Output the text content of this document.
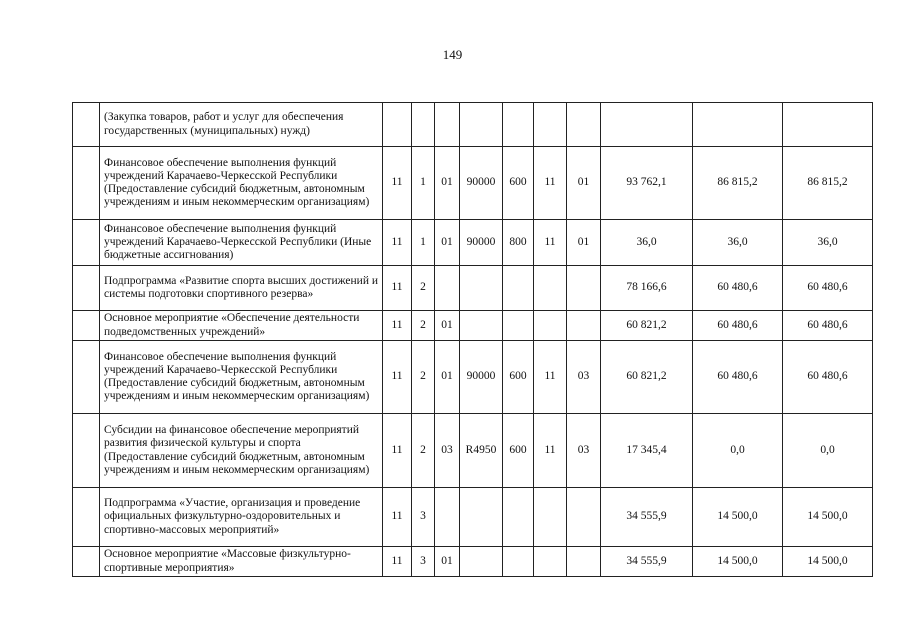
149
	(Закупка товаров, работ и услуг для обеспечения государственных (муниципальных) нужд)										
	Финансовое обеспечение выполнения функций учреждений Карачаево-Черкесской Республики (Предоставление субсидий бюджетным, автономным учреждениям и иным некоммерческим организациям)	11	1	01	90000	600	11	01	93 762,1	86 815,2	86 815,2
	Финансовое обеспечение выполнения функций учреждений Карачаево-Черкесской Республики (Иные бюджетные ассигнования)	11	1	01	90000	800	11	01	36,0	36,0	36,0
	Подпрограмма «Развитие спорта высших достижений и системы подготовки спортивного резерва»	11	2						78 166,6	60 480,6	60 480,6
	Основное мероприятие «Обеспечение деятельности подведомственных учреждений»	11	2	01					60 821,2	60 480,6	60 480,6
	Финансовое обеспечение выполнения функций учреждений Карачаево-Черкесской Республики (Предоставление субсидий бюджетным, автономным учреждениям и иным некоммерческим организациям)	11	2	01	90000	600	11	03	60 821,2	60 480,6	60 480,6
	Субсидии на финансовое обеспечение мероприятий развития физической культуры и спорта (Предоставление субсидий бюджетным, автономным учреждениям и иным некоммерческим организациям)	11	2	03	R4950	600	11	03	17 345,4	0,0	0,0
	Подпрограмма «Участие, организация и проведение официальных физкультурно-оздоровительных и спортивно-массовых мероприятий»	11	3						34 555,9	14 500,0	14 500,0
	Основное мероприятие «Массовые физкультурно-спортивные мероприятия»	11	3	01					34 555,9	14 500,0	14 500,0
